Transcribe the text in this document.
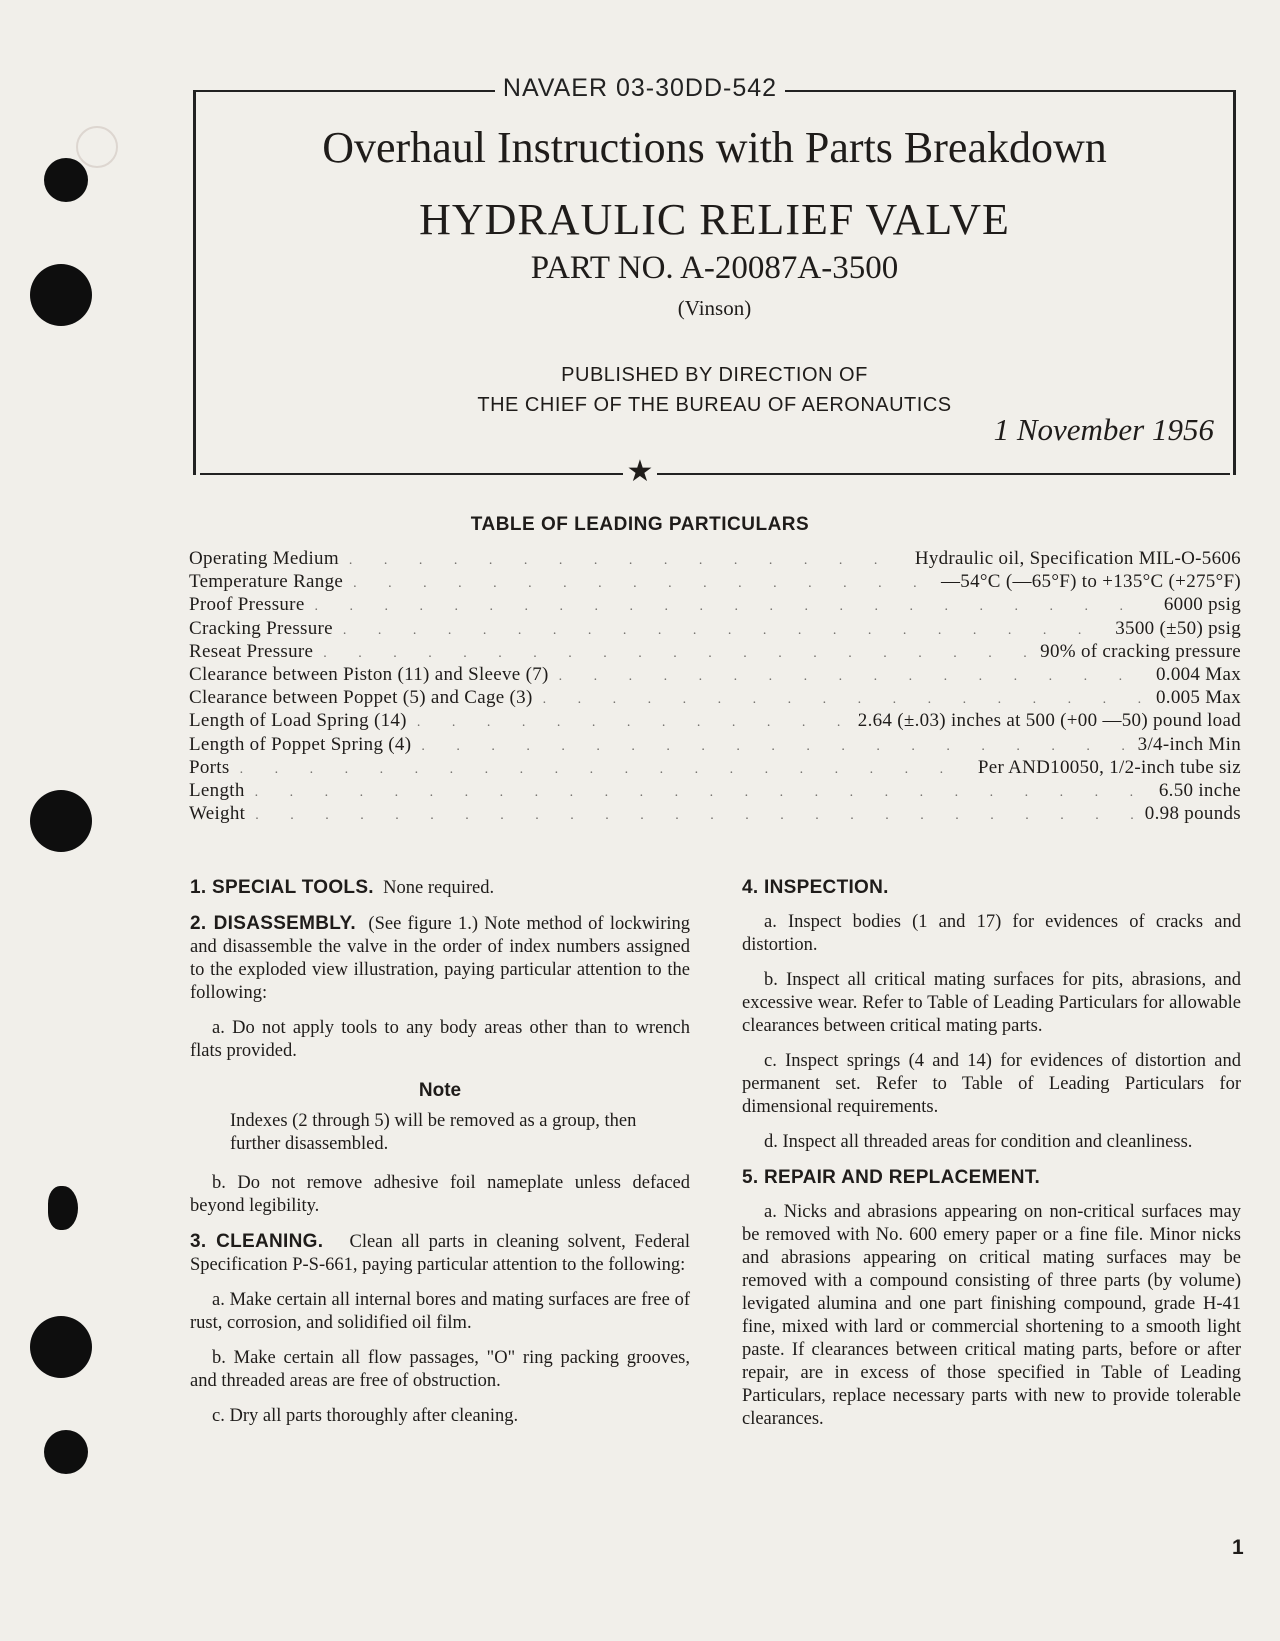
NAVAER 03-30DD-542
★
Overhaul Instructions with Parts Breakdown
HYDRAULIC RELIEF VALVE
PART NO. A-20087A-3500
(Vinson)
PUBLISHED BY DIRECTION OF
THE CHIEF OF THE BUREAU OF AERONAUTICS
1 November 1956
TABLE OF LEADING PARTICULARS
Operating Medium . . .	Hydraulic oil, Specification MIL-O-5606
Temperature Range . . .	—54°C (—65°F) to +135°C (+275°F)
Proof Pressure . . .	6000 psig
Cracking Pressure . . .	3500 (±50) psig
Reseat Pressure . . .	90% of cracking pressure
Clearance between Piston (11) and Sleeve (7) . . .	0.004 Max
Clearance between Poppet (5) and Cage (3) . . .	0.005 Max
Length of Load Spring (14) . . .	2.64 (±.03) inches at 500 (+00 —50) pound load
Length of Poppet Spring (4) . . .	3/4-inch Min
Ports . . .	Per AND10050, 1/2-inch tube siz
Length . . .	6.50 inche
Weight . . .	0.98 pounds

1. SPECIAL TOOLS. None required.

2. DISASSEMBLY. (See figure 1.) Note method of lockwiring and disassemble the valve in the order of index numbers assigned to the exploded view illustration, paying particular attention to the following:

a. Do not apply tools to any body areas other than to wrench flats provided.

Note

Indexes (2 through 5) will be removed as a group, then further disassembled.

b. Do not remove adhesive foil nameplate unless defaced beyond legibility.

3. CLEANING. Clean all parts in cleaning solvent, Federal Specification P-S-661, paying particular attention to the following:

a. Make certain all internal bores and mating surfaces are free of rust, corrosion, and solidified oil film.

b. Make certain all flow passages, "O" ring packing grooves, and threaded areas are free of obstruction.

c. Dry all parts thoroughly after cleaning.

4. INSPECTION.

a. Inspect bodies (1 and 17) for evidences of cracks and distortion.

b. Inspect all critical mating surfaces for pits, abrasions, and excessive wear. Refer to Table of Leading Particulars for allowable clearances between critical mating parts.

c. Inspect springs (4 and 14) for evidences of distortion and permanent set. Refer to Table of Leading Particulars for dimensional requirements.

d. Inspect all threaded areas for condition and cleanliness.

5. REPAIR AND REPLACEMENT.

a. Nicks and abrasions appearing on non-critical surfaces may be removed with No. 600 emery paper or a fine file. Minor nicks and abrasions appearing on critical mating surfaces may be removed with a compound consisting of three parts (by volume) levigated alumina and one part finishing compound, grade H-41 fine, mixed with lard or commercial shortening to a smooth light paste. If clearances between critical mating parts, before or after repair, are in excess of those specified in Table of Leading Particulars, replace necessary parts with new to provide tolerable clearances.

1
